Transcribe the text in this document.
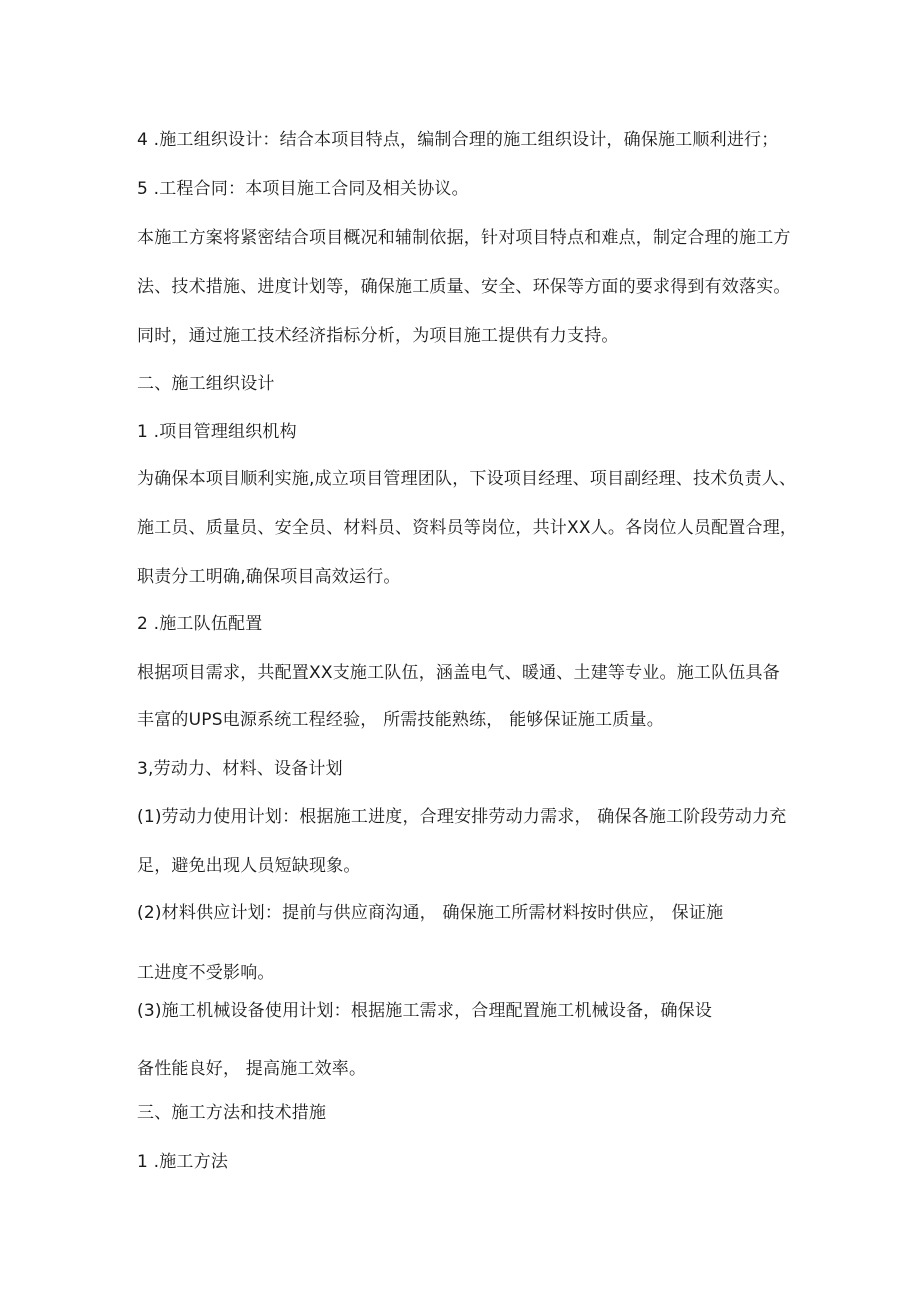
4 .施工组织设计：结合本项目特点，编制合理的施工组织设计，确保施工顺利进行；
5 .工程合同：本项目施工合同及相关协议。
本施工方案将紧密结合项目概况和辅制依据，针对项目特点和难点，制定合理的施工方
法、技术措施、进度计划等，确保施工质量、安全、环保等方面的要求得到有效落实。
同时，通过施工技术经济指标分析，为项目施工提供有力支持。
二、施工组织设计
1 .项目管理组织机构
为确保本项目顺利实施,成立项目管理团队，下设项目经理、项目副经理、技术负责人、
施工员、质量员、安全员、材料员、资料员等岗位，共计XX人。各岗位人员配置合理，
职责分工明确,确保项目高效运行。
2 .施工队伍配置
根据项目需求，共配置XX支施工队伍，涵盖电气、暖通、土建等专业。施工队伍具备
丰富的UPS电源系统工程经验， 所需技能熟练， 能够保证施工质量。
3,劳动力、材料、设备计划
(1)劳动力使用计划：根据施工进度，合理安排劳动力需求， 确保各施工阶段劳动力充
足，避免出现人员短缺现象。
(2)材料供应计划：提前与供应商沟通， 确保施工所需材料按时供应， 保证施
工进度不受影响。
(3)施工机械设备使用计划：根据施工需求，合理配置施工机械设备，确保设
备性能良好， 提高施工效率。
三、施工方法和技术措施
1 .施工方法
